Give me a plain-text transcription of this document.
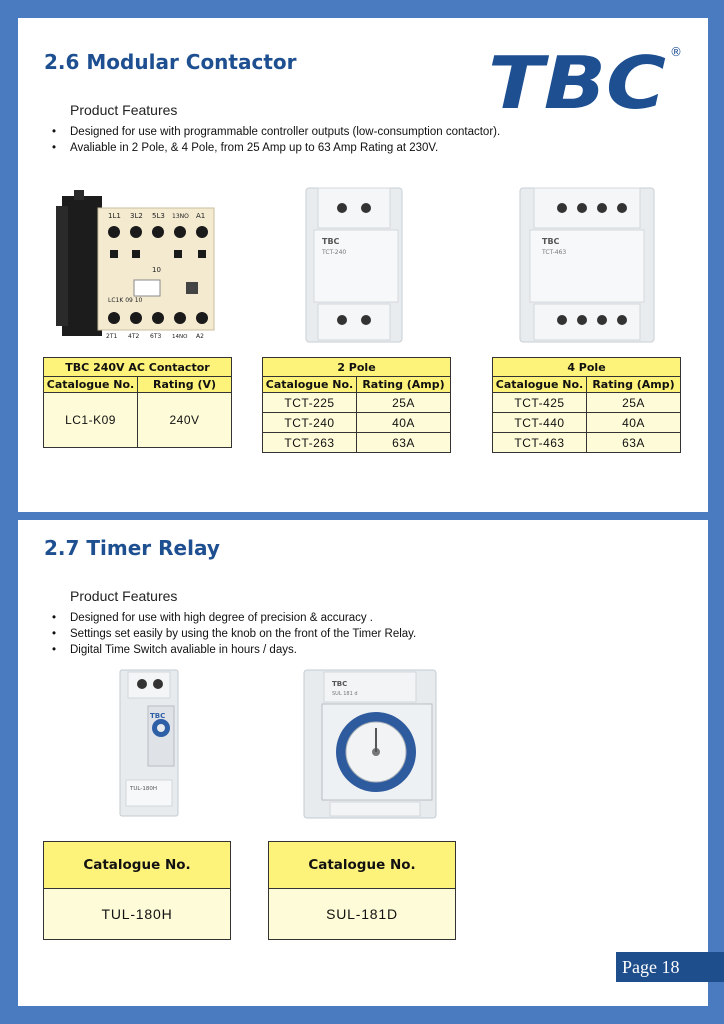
2.6 Modular Contactor	TBC ®
Product Features
• Designed for use with programmable controller outputs (low-consumption contactor).
• Avaliable in 2 Pole, & 4 Pole, from 25 Amp up to 63 Amp Rating at 230V.
1L1 3L2 5L3 13NO A1
10
LC1K 09 10
2T1 4T2 6T3 14NO A2
TBC
TCT-240
TBC
TCT-463
TBC 240V AC Contactor	
Catalogue No.	Rating (V)
LC1-K09	240V
2 Pole	
Catalogue No.	Rating (Amp)
TCT-225	25A
TCT-240	40A
TCT-263	63A
4 Pole	
Catalogue No.	Rating (Amp)
TCT-425	25A
TCT-440	40A
TCT-463	63A
2.7 Timer Relay
Product Features
• Designed for use with high degree of precision & accuracy .
• Settings set easily by using the knob on the front of the Timer Relay.
• Digital Time Switch avaliable in hours / days.
TBC
TUL-180H
TBC
SUL 181 d
Catalogue No.
TUL-180H
Catalogue No.
SUL-181D
Page 18
